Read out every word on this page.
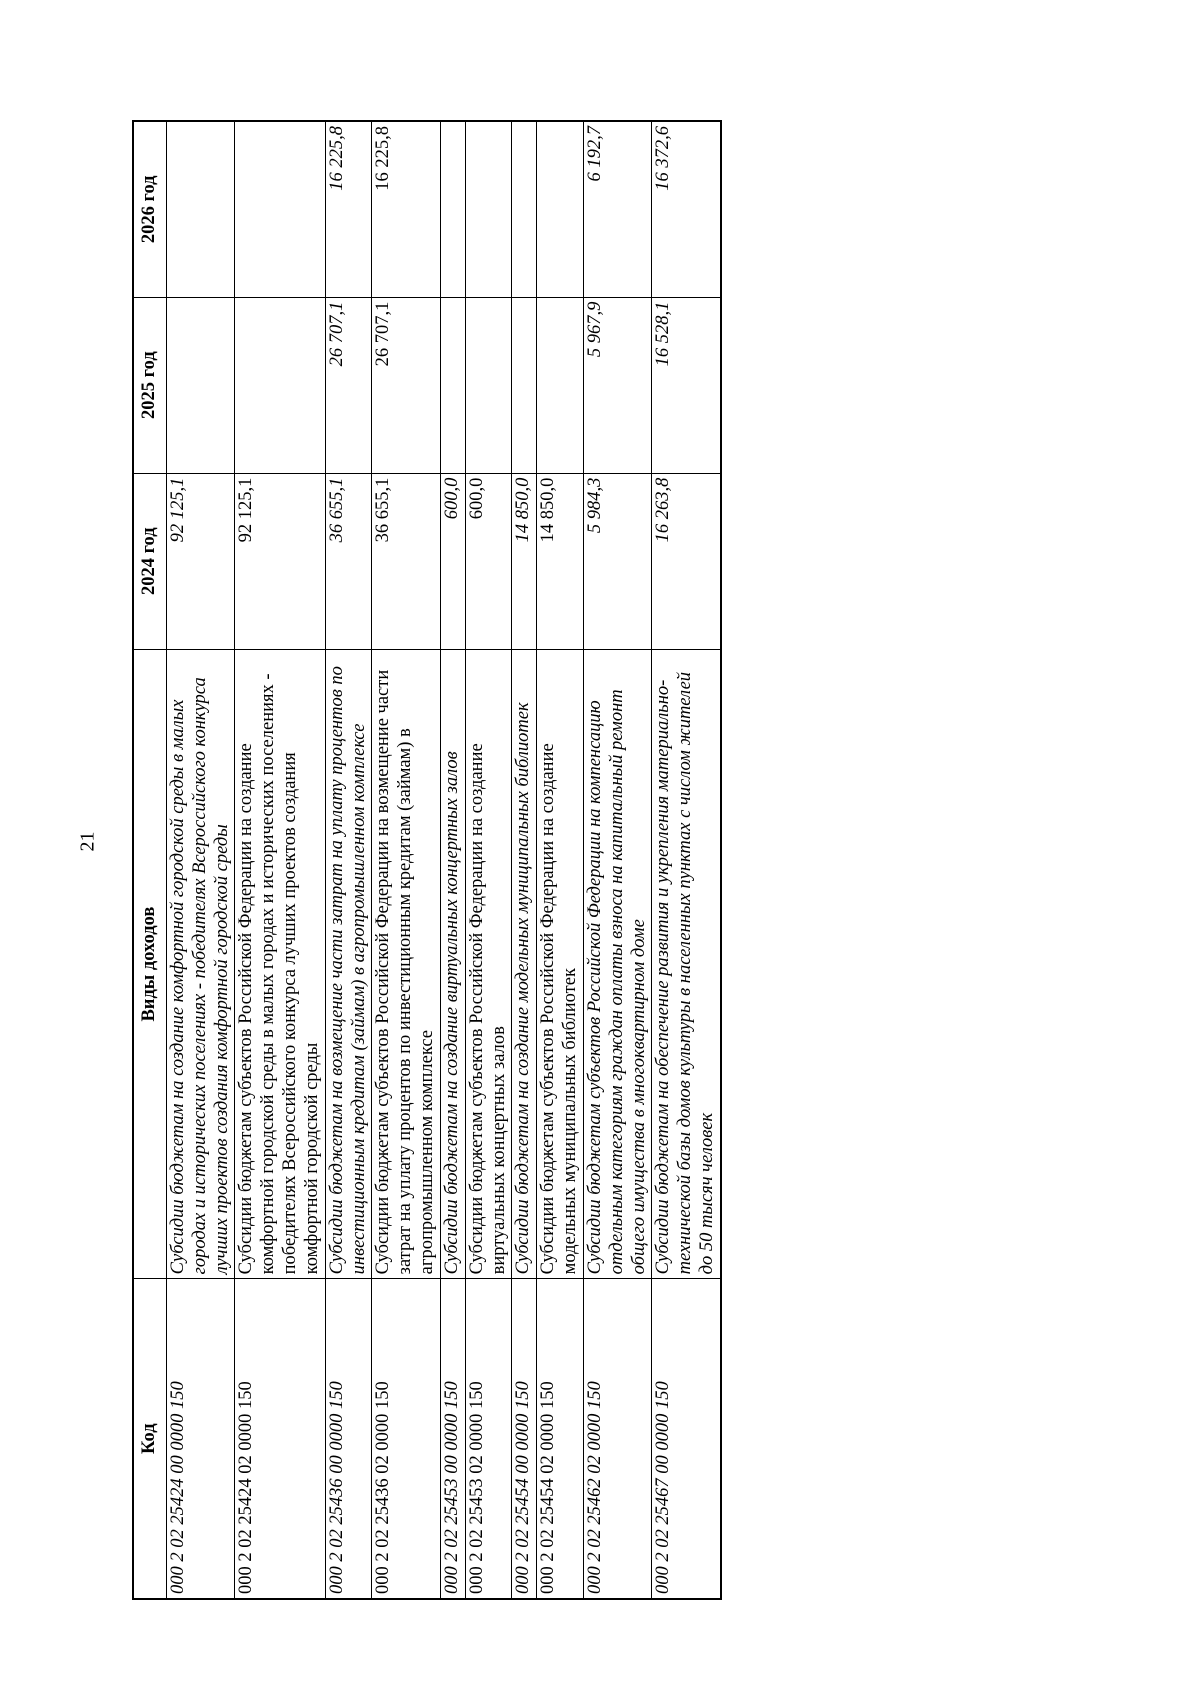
21
Код	Виды доходов	2024 год	2025 год	2026 год
000 2 02 25424 00 0000 150	Субсидии бюджетам на создание комфортной городской среды в малых городах и исторических поселениях - победителях Всероссийского конкурса лучших проектов создания комфортной городской среды	92 125,1		
000 2 02 25424 02 0000 150	Субсидии бюджетам субъектов Российской Федерации на создание комфортной городской среды в малых городах и исторических поселениях - победителях Всероссийского конкурса лучших проектов создания комфортной городской среды	92 125,1		
000 2 02 25436 00 0000 150	Субсидии бюджетам на возмещение части затрат на уплату процентов по инвестиционным кредитам (займам) в агропромышленном комплексе	36 655,1	26 707,1	16 225,8
000 2 02 25436 02 0000 150	Субсидии бюджетам субъектов Российской Федерации на возмещение части затрат на уплату процентов по инвестиционным кредитам (займам) в агропромышленном комплексе	36 655,1	26 707,1	16 225,8
000 2 02 25453 00 0000 150	Субсидии бюджетам на создание виртуальных концертных залов	600,0		
000 2 02 25453 02 0000 150	Субсидии бюджетам субъектов Российской Федерации на создание виртуальных концертных залов	600,0		
000 2 02 25454 00 0000 150	Субсидии бюджетам на создание модельных муниципальных библиотек	14 850,0		
000 2 02 25454 02 0000 150	Субсидии бюджетам субъектов Российской Федерации на создание модельных муниципальных библиотек	14 850,0		
000 2 02 25462 02 0000 150	Субсидии бюджетам субъектов Российской Федерации на компенсацию отдельным категориям граждан оплаты взноса на капитальный ремонт общего имущества в многоквартирном доме	5 984,3	5 967,9	6 192,7
000 2 02 25467 00 0000 150	Субсидии бюджетам на обеспечение развития и укрепления материально-технической базы домов культуры в населенных пунктах с числом жителей до 50 тысяч человек	16 263,8	16 528,1	16 372,6
